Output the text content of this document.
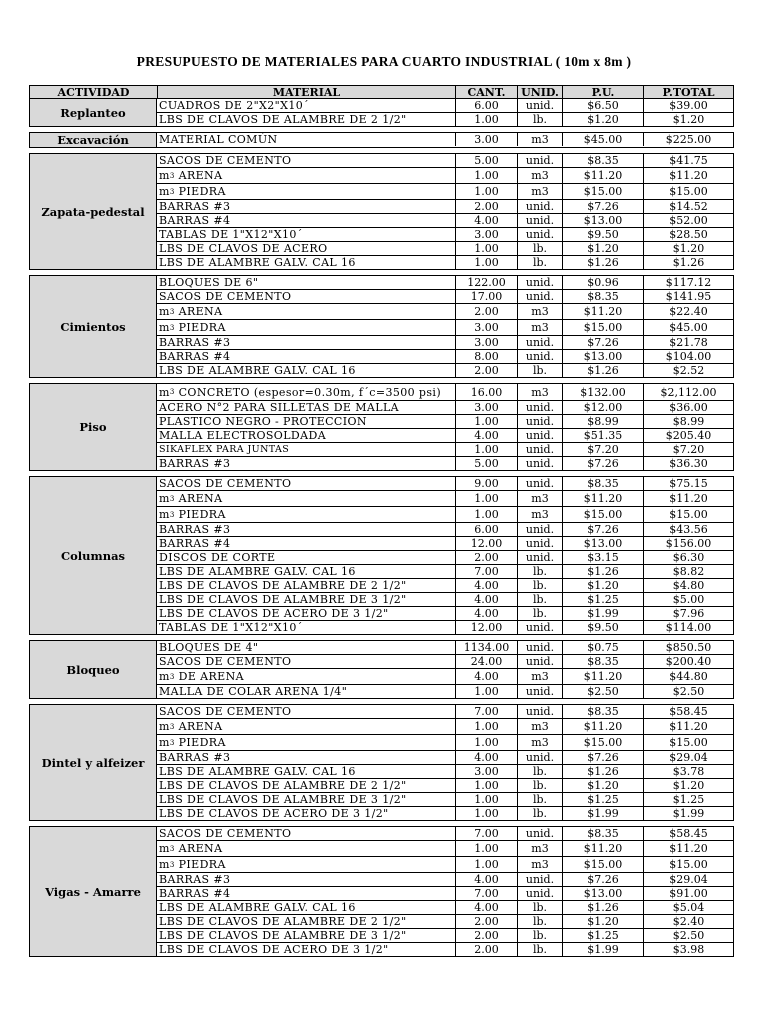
PRESUPUESTO DE MATERIALES PARA CUARTO INDUSTRIAL ( 10m x 8m )
ACTIVIDAD	MATERIAL	CANT.	UNID.	P.U.	P.TOTAL
Replanteo	CUADROS DE 2"X2"X10´	6.00	unid.	$6.50	$39.00
LBS DE CLAVOS DE ALAMBRE DE 2 1/2"	1.00	lb.	$1.20	$1.20
Excavación	MATERIAL COMÚN	3.00	m3	$45.00	$225.00
Zapata-pedestal
SACOS DE CEMENTO	5.00	unid.	$8.35	$41.75
m 3 ARENA	1.00	m3	$11.20	$11.20
m 3 PIEDRA	1.00	m3	$15.00	$15.00
BARRAS #3	2.00	unid.	$7.26	$14.52
BARRAS #4	4.00	unid.	$13.00	$52.00
TABLAS DE 1"X12"X10´	3.00	unid.	$9.50	$28.50
LBS DE CLAVOS DE ACERO	1.00	lb.	$1.20	$1.20
LBS DE ALAMBRE GALV. CAL 16	1.00	lb.	$1.26	$1.26
Cimientos
BLOQUES DE 6"	122.00	unid.	$0.96	$117.12
SACOS DE CEMENTO	17.00	unid.	$8.35	$141.95
m 3 ARENA	2.00	m3	$11.20	$22.40
m 3 PIEDRA	3.00	m3	$15.00	$45.00
BARRAS #3	3.00	unid.	$7.26	$21.78
BARRAS #4	8.00	unid.	$13.00	$104.00
LBS DE ALAMBRE GALV. CAL 16	2.00	lb.	$1.26	$2.52
Piso
m 3 CONCRETO (espesor=0.30m, f´c=3500 psi)	16.00	m3	$132.00	$2,112.00
ACERO N°2 PARA SILLETAS DE MALLA	3.00	unid.	$12.00	$36.00
PLASTICO NEGRO - PROTECCION	1.00	unid.	$8.99	$8.99
MALLA ELECTROSOLDADA	4.00	unid.	$51.35	$205.40
SIKAFLEX PARA JUNTAS	1.00	unid.	$7.20	$7.20
BARRAS #3	5.00	unid.	$7.26	$36.30
Columnas
SACOS DE CEMENTO	9.00	unid.	$8.35	$75.15
m 3 ARENA	1.00	m3	$11.20	$11.20
m 3 PIEDRA	1.00	m3	$15.00	$15.00
BARRAS #3	6.00	unid.	$7.26	$43.56
BARRAS #4	12.00	unid.	$13.00	$156.00
DISCOS DE CORTE	2.00	unid.	$3.15	$6.30
LBS DE ALAMBRE GALV. CAL 16	7.00	lb.	$1.26	$8.82
LBS DE CLAVOS DE ALAMBRE DE 2 1/2"	4.00	lb.	$1.20	$4.80
LBS DE CLAVOS DE ALAMBRE DE 3 1/2"	4.00	lb.	$1.25	$5.00
LBS DE CLAVOS DE ACERO DE 3 1/2"	4.00	lb.	$1.99	$7.96
TABLAS DE 1"X12"X10´	12.00	unid.	$9.50	$114.00
Bloqueo
BLOQUES DE 4"	1134.00	unid.	$0.75	$850.50
SACOS DE CEMENTO	24.00	unid.	$8.35	$200.40
m 3 DE ARENA	4.00	m3	$11.20	$44.80
MALLA DE COLAR ARENA 1/4"	1.00	unid.	$2.50	$2.50
Dintel y alfeizer
SACOS DE CEMENTO	7.00	unid.	$8.35	$58.45
m 3 ARENA	1.00	m3	$11.20	$11.20
m 3 PIEDRA	1.00	m3	$15.00	$15.00
BARRAS #3	4.00	unid.	$7.26	$29.04
LBS DE ALAMBRE GALV. CAL 16	3.00	lb.	$1.26	$3.78
LBS DE CLAVOS DE ALAMBRE DE 2 1/2"	1.00	lb.	$1.20	$1.20
LBS DE CLAVOS DE ALAMBRE DE 3 1/2"	1.00	lb.	$1.25	$1.25
LBS DE CLAVOS DE ACERO DE 3 1/2"	1.00	lb.	$1.99	$1.99
Vigas - Amarre
SACOS DE CEMENTO	7.00	unid.	$8.35	$58.45
m 3 ARENA	1.00	m3	$11.20	$11.20
m 3 PIEDRA	1.00	m3	$15.00	$15.00
BARRAS #3	4.00	unid.	$7.26	$29.04
BARRAS #4	7.00	unid.	$13.00	$91.00
LBS DE ALAMBRE GALV. CAL 16	4.00	lb.	$1.26	$5.04
LBS DE CLAVOS DE ALAMBRE DE 2 1/2"	2.00	lb.	$1.20	$2.40
LBS DE CLAVOS DE ALAMBRE DE 3 1/2"	2.00	lb.	$1.25	$2.50
LBS DE CLAVOS DE ACERO DE 3 1/2"	2.00	lb.	$1.99	$3.98
